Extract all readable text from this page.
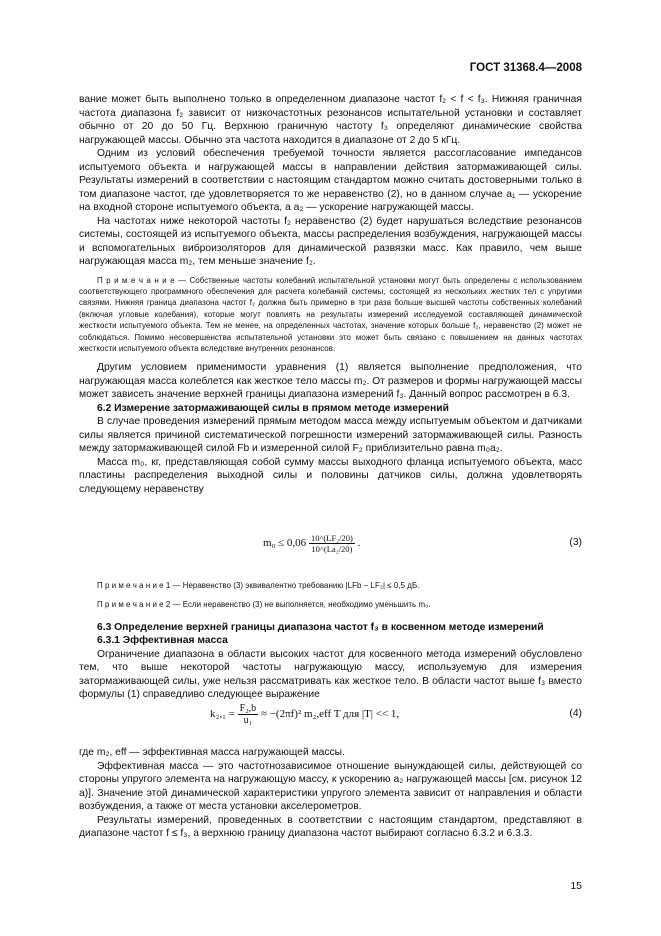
ГОСТ 31368.4—2008

вание может быть выполнено только в определенном диапазоне частот f₂ < f < f₃. Нижняя граничная частота диапазона f₂ зависит от низкочастотных резонансов испытательной установки и составляет обычно от 20 до 50 Гц. Верхнюю граничную частоту f₃ определяют динамические свойства нагружающей массы. Обычно эта частота находится в диапазоне от 2 до 5 кГц.

Одним из условий обеспечения требуемой точности является рассогласование импедансов испытуемого объекта и нагружающей массы в направлении действия затормаживающей силы. Результаты измерений в соответствии с настоящим стандартом можно считать достоверными только в том диапазоне частот, где удовлетворяется то же неравенство (2), но в данном случае a₁ — ускорение на входной стороне испытуемого объекта, а a₂ — ускорение нагружающей массы.

На частотах ниже некоторой частоты f₂ неравенство (2) будет нарушаться вследствие резонансов системы, состоящей из испытуемого объекта, массы распределения возбуждения, нагружающей массы и вспомогательных виброизоляторов для динамической развязки масс. Как правило, чем выше нагружающая масса m₂, тем меньше значение f₂.

П р и м е ч а н и е — Собственные частоты колебаний испытательной установки могут быть определены с использованием соответствующего программного обеспечения для расчета колебаний системы, состоящей из нескольких жестких тел с упругими связями. Нижняя граница диапазона частот f₂ должна быть примерно в три раза больше высшей частоты собственных колебаний (включая угловые колебания), которые могут повлиять на результаты измерений исследуемой составляющей динамической жесткости испытуемого объекта. Тем не менее, на определенных частотах, значение которых больше f₂, неравенство (2) может не соблюдаться. Помимо несовершенства испытательной установки это может быть связано с повышением на данных частотах жесткости испытуемого объекта вследствие внутренних резонансов.

Другим условием применимости уравнения (1) является выполнение предположения, что нагружающая масса колеблется как жесткое тело массы m₂. От размеров и формы нагружающей массы может зависеть значение верхней границы диапазона измерений f₃. Данный вопрос рассмотрен в 6.3.

6.2 Измерение затормаживающей силы в прямом методе измерений

В случае проведения измерений прямым методом масса между испытуемым объектом и датчиками силы является причиной систематической погрешности измерений затормаживающей силы. Разность между затормаживающей силой Fb и измеренной силой F₂ приблизительно равна m₀a₂.

Масса m₀, кг, представляющая собой сумму массы выходного фланца испытуемого объекта, масс пластины распределения выходной силы и половины датчиков силы, должна удовлетворять следующему неравенству

$m_0 \le 0,06 \frac{\text{10\textasciicircum{}(LF₂/20)}}{\text{10\textasciicircum{}(La₂/20)}}$ .	(3)

П р и м е ч а н и е 1 — Неравенство (3) эквивалентно требованию |LFb − LF₂| ≤ 0,5 дБ.

П р и м е ч а н и е 2 — Если неравенство (3) не выполняется, необходимо уменьшить m₀.

6.3 Определение верхней границы диапазона частот f₃ в косвенном методе измерений

6.3.1 Эффективная масса

Ограничение диапазона в области высоких частот для косвенного метода измерений обусловлено тем, что выше некоторой частоты нагружающую массу, используемую для измерения затормаживающей силы, уже нельзя рассматривать как жесткое тело. В области частот выше f₃ вместо формулы (1) справедливо следующее выражение

$k_2,_1 = \frac{\text{F₂,b}}{\text{u₁}} \approx -(2\pi f)^2$ m₂,eff T для |T| << 1,	(4)

где m₂, eff — эффективная масса нагружающей массы.

Эффективная масса — это частотнозависимое отношение вынуждающей силы, действующей со стороны упругого элемента на нагружающую массу, к ускорению a₂ нагружающей массы [см. рисунок 12 а)]. Значение этой динамической характеристики упругого элемента зависит от направления и области возбуждения, а также от места установки акселерометров.

Результаты измерений, проведенных в соответствии с настоящим стандартом, представляют в диапазоне частот f ≤ f₃, а верхнюю границу диапазона частот выбирают согласно 6.3.2 и 6.3.3.

15
